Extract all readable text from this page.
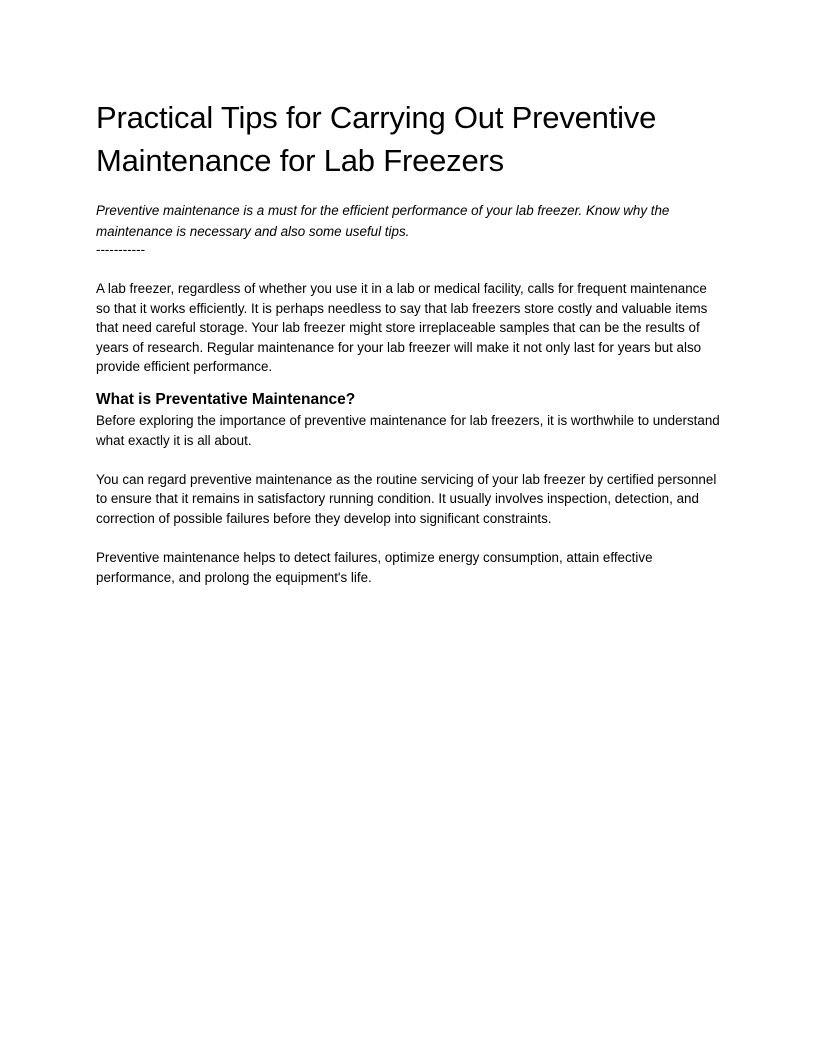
Practical Tips for Carrying Out Preventive Maintenance for Lab Freezers

Preventive maintenance is a must for the efficient performance of your lab freezer. Know why the maintenance is necessary and also some useful tips.

-----------

A lab freezer, regardless of whether you use it in a lab or medical facility, calls for frequent maintenance so that it works efficiently. It is perhaps needless to say that lab freezers store costly and valuable items that need careful storage. Your lab freezer might store irreplaceable samples that can be the results of years of research. Regular maintenance for your lab freezer will make it not only last for years but also provide efficient performance.

What is Preventative Maintenance?

Before exploring the importance of preventive maintenance for lab freezers, it is worthwhile to understand what exactly it is all about.

You can regard preventive maintenance as the routine servicing of your lab freezer by certified personnel to ensure that it remains in satisfactory running condition. It usually involves inspection, detection, and correction of possible failures before they develop into significant constraints.

Preventive maintenance helps to detect failures, optimize energy consumption, attain effective performance, and prolong the equipment's life.
